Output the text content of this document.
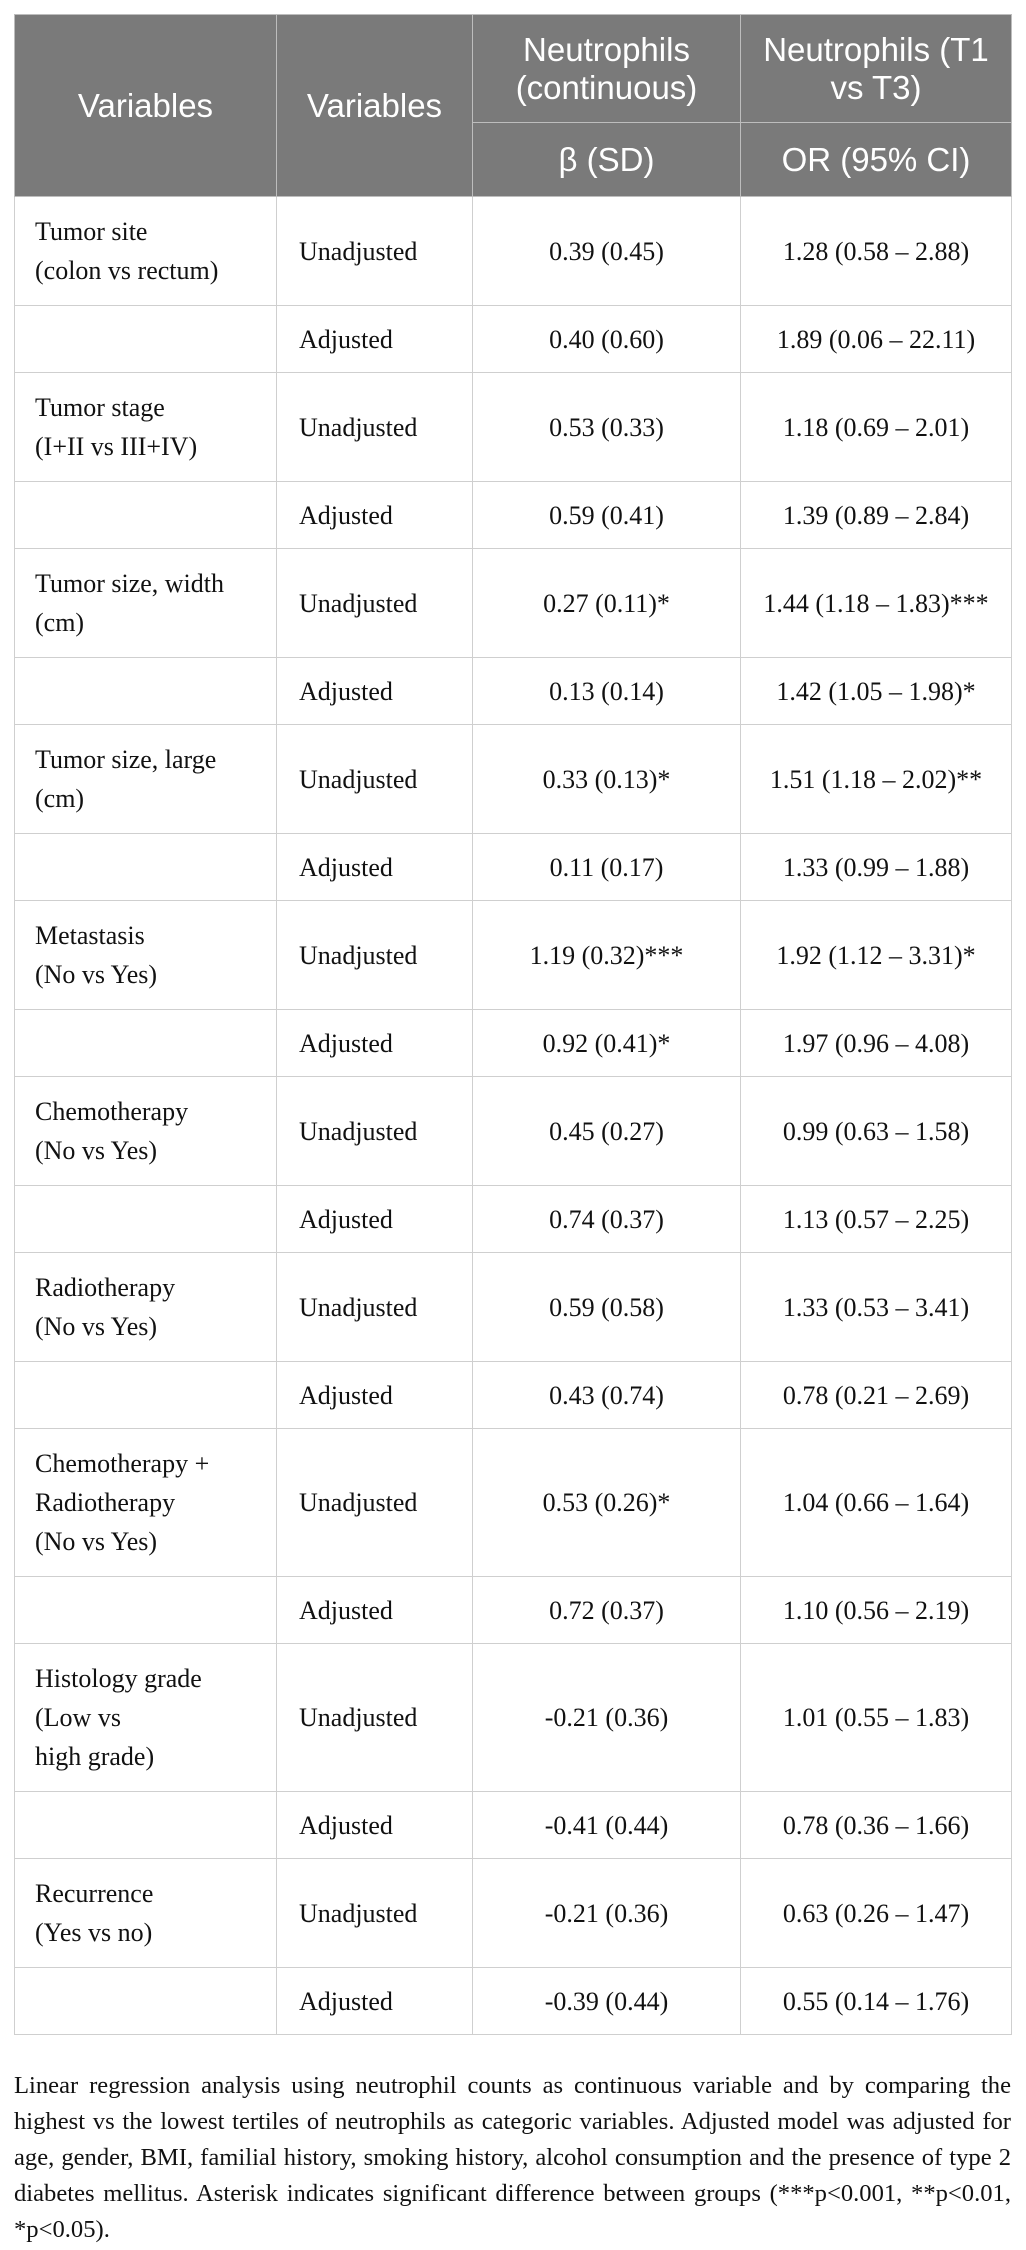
Variables	Variables	Neutrophils (continuous)	Neutrophils (T1 vs T3)
		β (SD)	OR (95% CI)

Tumor site
(colon vs rectum)	Unadjusted	0.39 (0.45)	1.28 (0.58 – 2.88)
	Adjusted	0.40 (0.60)	1.89 (0.06 – 22.11)

Tumor stage
(I+II vs III+IV)	Unadjusted	0.53 (0.33)	1.18 (0.69 – 2.01)
	Adjusted	0.59 (0.41)	1.39 (0.89 – 2.84)

Tumor size, width
(cm)	Unadjusted	0.27 (0.11)*	1.44 (1.18 – 1.83)***
	Adjusted	0.13 (0.14)	1.42 (1.05 – 1.98)*

Tumor size, large
(cm)	Unadjusted	0.33 (0.13)*	1.51 (1.18 – 2.02)**
	Adjusted	0.11 (0.17)	1.33 (0.99 – 1.88)

Metastasis
(No vs Yes)	Unadjusted	1.19 (0.32)***	1.92 (1.12 – 3.31)*
	Adjusted	0.92 (0.41)*	1.97 (0.96 – 4.08)

Chemotherapy
(No vs Yes)	Unadjusted	0.45 (0.27)	0.99 (0.63 – 1.58)
	Adjusted	0.74 (0.37)	1.13 (0.57 – 2.25)

Radiotherapy
(No vs Yes)	Unadjusted	0.59 (0.58)	1.33 (0.53 – 3.41)
	Adjusted	0.43 (0.74)	0.78 (0.21 – 2.69)

Chemotherapy +
Radiotherapy
(No vs Yes)	Unadjusted	0.53 (0.26)*	1.04 (0.66 – 1.64)
	Adjusted	0.72 (0.37)	1.10 (0.56 – 2.19)

Histology grade
(Low vs
high grade)	Unadjusted	-0.21 (0.36)	1.01 (0.55 – 1.83)
	Adjusted	-0.41 (0.44)	0.78 (0.36 – 1.66)

Recurrence
(Yes vs no)	Unadjusted	-0.21 (0.36)	0.63 (0.26 – 1.47)
	Adjusted	-0.39 (0.44)	0.55 (0.14 – 1.76)

Linear regression analysis using neutrophil counts as continuous variable and by comparing the highest vs the lowest tertiles of neutrophils as categoric variables. Adjusted model was adjusted for age, gender, BMI, familial history, smoking history, alcohol consumption and the presence of type 2 diabetes mellitus. Asterisk indicates significant difference between groups (***p<0.001, **p<0.01, *p<0.05).
